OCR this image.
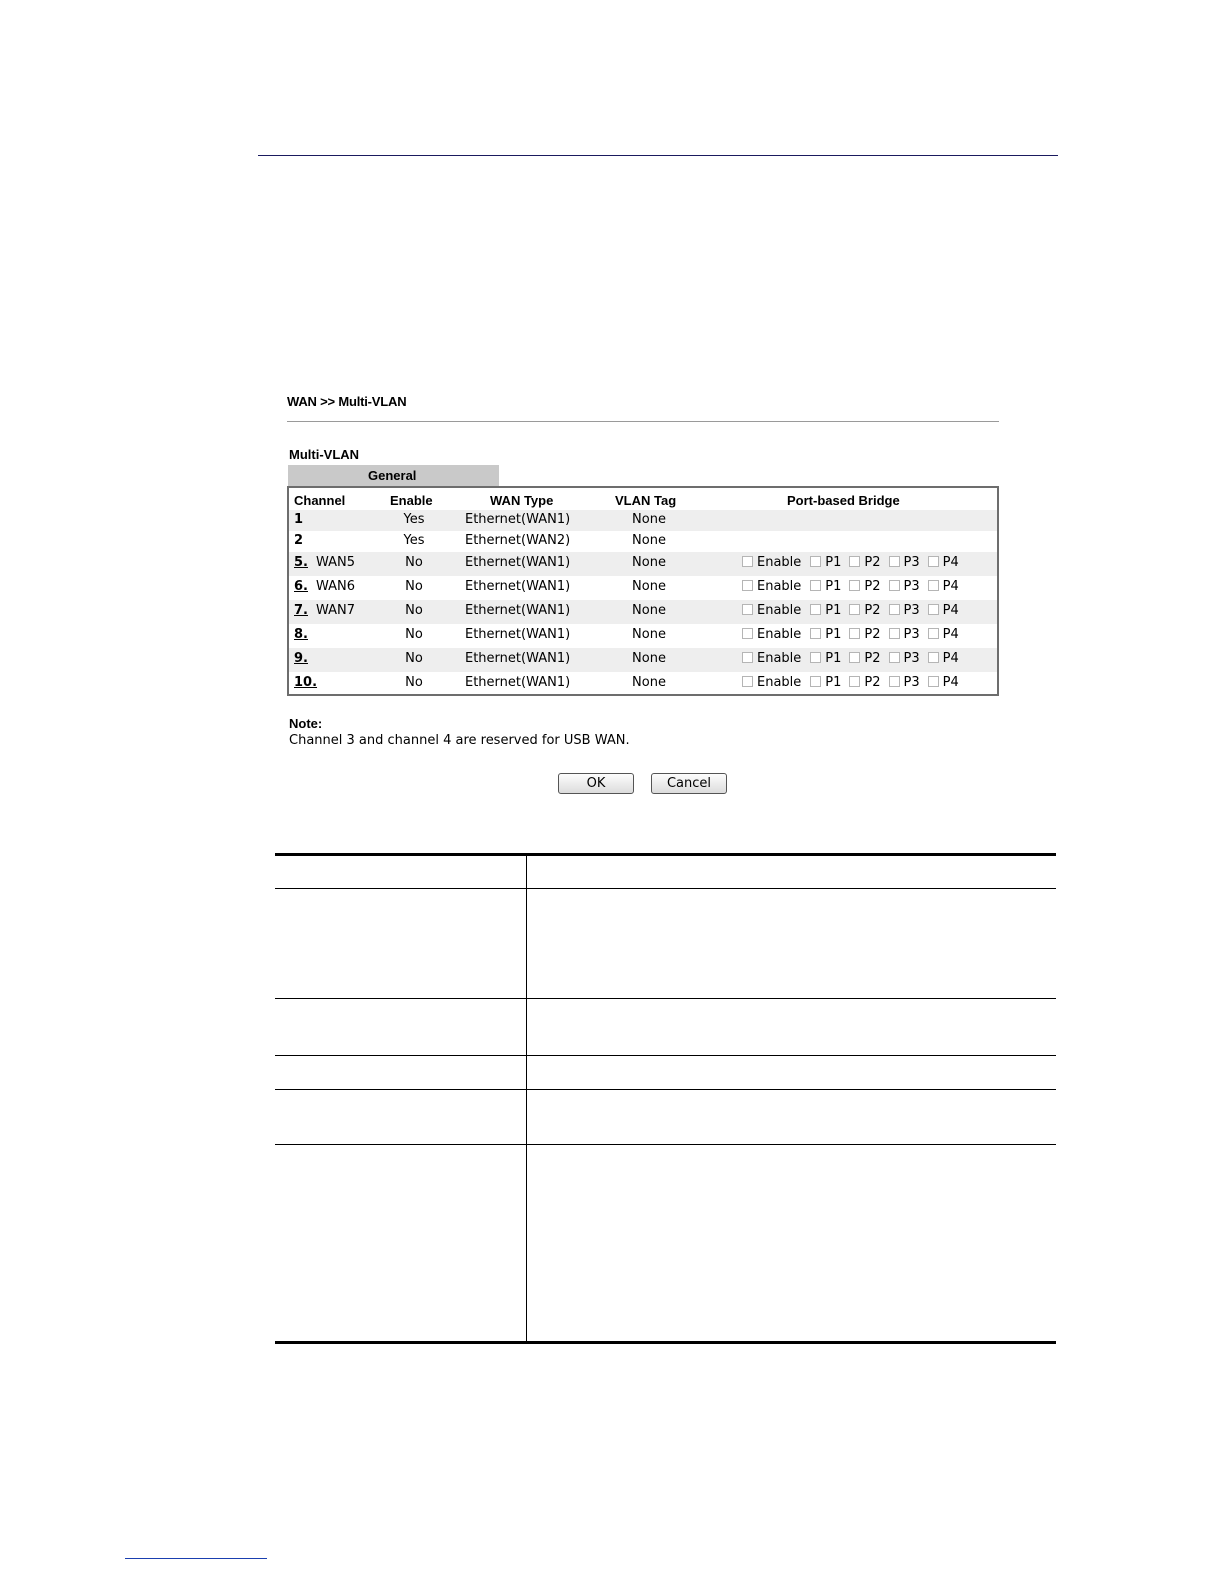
WAN >> Multi-VLAN
Multi-VLAN
General
Channel	Enable	WAN Type	VLAN Tag	Port-based Bridge
1	Yes	Ethernet(WAN1)	None
2	Yes	Ethernet(WAN2)	None
5. WAN5	No	Ethernet(WAN1)	None	Enable P1 P2 P3 P4
6. WAN6	No	Ethernet(WAN1)	None	Enable P1 P2 P3 P4
7. WAN7	No	Ethernet(WAN1)	None	Enable P1 P2 P3 P4
8.	No	Ethernet(WAN1)	None	Enable P1 P2 P3 P4
9.	No	Ethernet(WAN1)	None	Enable P1 P2 P3 P4
10.	No	Ethernet(WAN1)	None	Enable P1 P2 P3 P4
Note:
Channel 3 and channel 4 are reserved for USB WAN.
OK	Cancel
